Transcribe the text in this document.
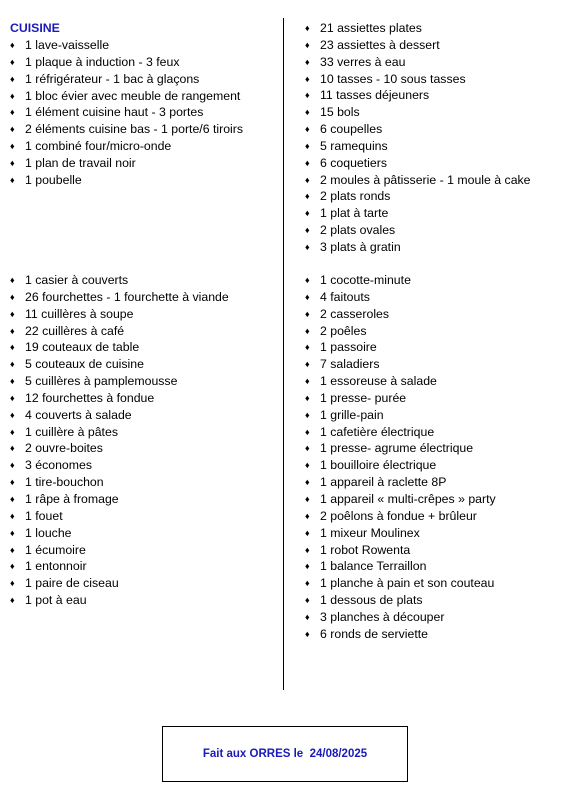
CUISINE
♦ 1 lave-vaisselle
♦ 1 plaque à induction - 3 feux
♦ 1 réfrigérateur - 1 bac à glaçons
♦ 1 bloc évier avec meuble de rangement
♦ 1 élément cuisine haut - 3 portes
♦ 2 éléments cuisine bas - 1 porte/6 tiroirs
♦ 1 combiné four/micro-onde
♦ 1 plan de travail noir
♦ 1 poubelle
♦ 21 assiettes plates
♦ 23 assiettes à dessert
♦ 33 verres à eau
♦ 10 tasses - 10 sous tasses
♦ 11 tasses déjeuners
♦ 15 bols
♦ 6 coupelles
♦ 5 ramequins
♦ 6 coquetiers
♦ 2 moules à pâtisserie - 1 moule à cake
♦ 2 plats ronds
♦ 1 plat à tarte
♦ 2 plats ovales
♦ 3 plats à gratin
♦ 1 casier à couverts
♦ 26 fourchettes - 1 fourchette à viande
♦ 11 cuillères à soupe
♦ 22 cuillères à café
♦ 19 couteaux de table
♦ 5 couteaux de cuisine
♦ 5 cuillères à pamplemousse
♦ 12 fourchettes à fondue
♦ 4 couverts à salade
♦ 1 cuillère à pâtes
♦ 2 ouvre-boites
♦ 3 économes
♦ 1 tire-bouchon
♦ 1 râpe à fromage
♦ 1 fouet
♦ 1 louche
♦ 1 écumoire
♦ 1 entonnoir
♦ 1 paire de ciseau
♦ 1 pot à eau
♦ 1 cocotte-minute
♦ 4 faitouts
♦ 2 casseroles
♦ 2 poêles
♦ 1 passoire
♦ 7 saladiers
♦ 1 essoreuse à salade
♦ 1 presse- purée
♦ 1 grille-pain
♦ 1 cafetière électrique
♦ 1 presse- agrume électrique
♦ 1 bouilloire électrique
♦ 1 appareil à raclette 8P
♦ 1 appareil « multi-crêpes » party
♦ 2 poêlons à fondue + brûleur
♦ 1 mixeur Moulinex
♦ 1 robot Rowenta
♦ 1 balance Terraillon
♦ 1 planche à pain et son couteau
♦ 1 dessous de plats
♦ 3 planches à découper
♦ 6 ronds de serviette
Fait aux ORRES le  24/08/2025
